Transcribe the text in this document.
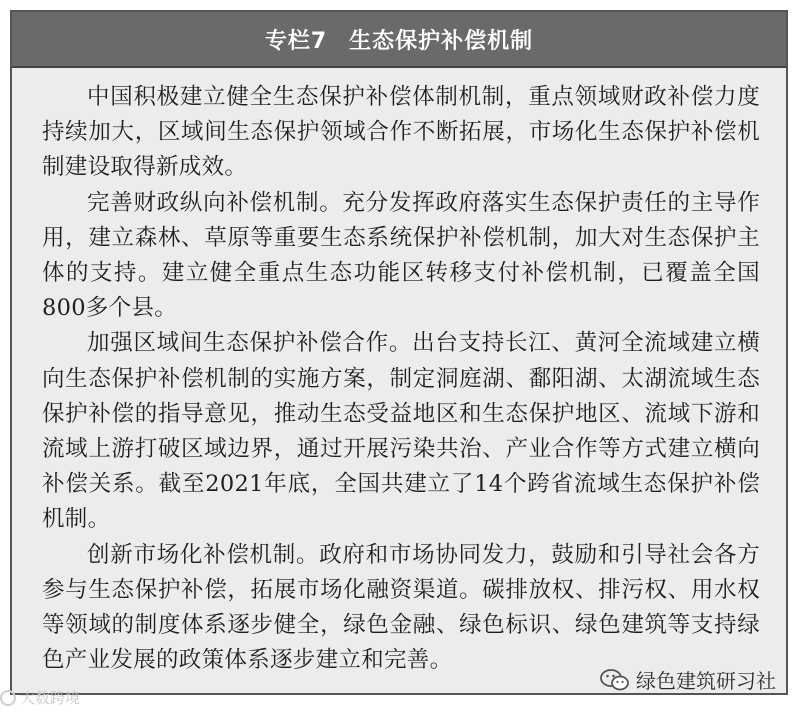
专栏7 生态保护补偿机制

中国积极建立健全生态保护补偿体制机制，重点领域财政补偿力度持续加大，区域间生态保护领域合作不断拓展，市场化生态保护补偿机制建设取得新成效。

完善财政纵向补偿机制。充分发挥政府落实生态保护责任的主导作用，建立森林、草原等重要生态系统保护补偿机制，加大对生态保护主体的支持。建立健全重点生态功能区转移支付补偿机制，已覆盖全国800多个县。

加强区域间生态保护补偿合作。出台支持长江、黄河全流域建立横向生态保护补偿机制的实施方案，制定洞庭湖、鄱阳湖、太湖流域生态保护补偿的指导意见，推动生态受益地区和生态保护地区、流域下游和流域上游打破区域边界，通过开展污染共治、产业合作等方式建立横向补偿关系。截至2021年底，全国共建立了14个跨省流域生态保护补偿机制。

创新市场化补偿机制。政府和市场协同发力，鼓励和引导社会各方参与生态保护补偿，拓展市场化融资渠道。碳排放权、排污权、用水权等领域的制度体系逐步健全，绿色金融、绿色标识、绿色建筑等支持绿色产业发展的政策体系逐步建立和完善。

绿色建筑研习社
大数跨境
